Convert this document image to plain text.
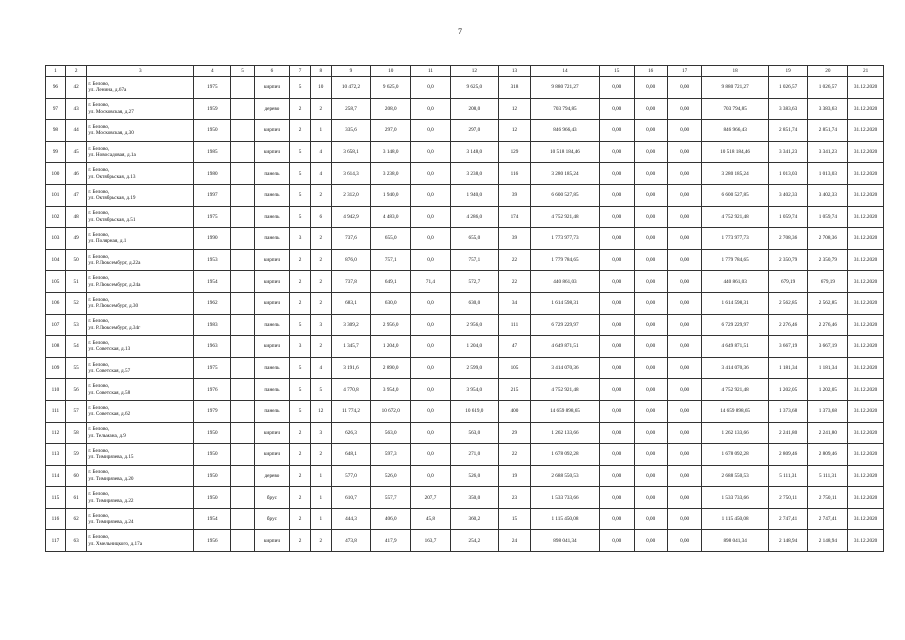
7
1	2	3	4	5	6	7	8	9	10	11	12	13	14	15	16	17	18	19	20	21
96	42	г. Белово,
ул. Ленина, д.67а	1975		кирпич	5	10	10 472,2	9 625,0	0,0	9 625,0	318	9 880 721,27	0,00	0,00	0,00	9 880 721,27	1 026,57	1 026,57	31.12.2020
97	43	г. Белово,
ул. Московская, д.27	1959		дерево	2	2	258,7	208,0	0,0	208,0	12	703 794,85	0,00	0,00	0,00	703 794,85	3 383,63	3 383,63	31.12.2020
98	44	г. Белово,
ул. Московская, д.30	1950		кирпич	2	1	335,6	297,0	0,0	297,0	12	846 966,43	0,00	0,00	0,00	846 966,43	2 851,74	2 851,74	31.12.2020
99	45	г. Белово,
ул. Новосадовая, д.1а	1985		кирпич	5	4	3 658,1	3 148,0	0,0	3 148,0	129	10 518 184,46	0,00	0,00	0,00	10 518 184,46	3 341,23	3 341,23	31.12.2020
100	46	г. Белово,
ул. Октябрьская, д.13	1980		панель	5	4	3 614,3	3 238,0	0,0	3 238,0	116	3 280 185,24	0,00	0,00	0,00	3 280 185,24	1 013,03	1 013,03	31.12.2020
101	47	г. Белово,
ул. Октябрьская, д.19	1997		панель	5	2	2 312,0	1 940,0	0,0	1 940,0	39	6 600 527,85	0,00	0,00	0,00	6 600 527,85	3 402,33	3 402,33	31.12.2020
102	48	г. Белово,
ул. Октябрьская, д.51	1975		панель	5	6	4 942,9	4 483,0	0,0	4 286,0	174	4 752 921,48	0,00	0,00	0,00	4 752 921,48	1 059,74	1 059,74	31.12.2020
103	49	г. Белово,
ул. Полярная, д.1	1990		панель	3	2	737,6	655,0	0,0	655,0	39	1 773 977,73	0,00	0,00	0,00	1 773 977,73	2 708,36	2 708,36	31.12.2020
104	50	г. Белово,
ул. Р.Люксембург, д.22а	1953		кирпич	2	2	876,0	757,1	0,0	757,1	22	1 779 784,65	0,00	0,00	0,00	1 779 784,65	2 350,79	2 350,79	31.12.2020
105	51	г. Белово,
ул. Р.Люксембург, д.24а	1954		кирпич	2	2	737,8	649,1	71,4	572,7	22	440 861,03	0,00	0,00	0,00	440 861,03	679,19	679,19	31.12.2020
106	52	г. Белово,
ул. Р.Люксембург, д.30	1962		кирпич	2	2	683,1	630,0	0,0	630,0	34	1 614 598,31	0,00	0,00	0,00	1 614 598,31	2 562,85	2 562,85	31.12.2020
107	53	г. Белово,
ул. Р.Люксембург, д.34г	1983		панель	5	3	3 309,2	2 956,0	0,0	2 956,0	111	6 729 229,97	0,00	0,00	0,00	6 729 229,97	2 276,46	2 276,46	31.12.2020
108	54	г. Белово,
ул. Советская, д.13	1963		кирпич	3	2	1 345,7	1 204,0	0,0	1 204,0	47	4 649 871,51	0,00	0,00	0,00	4 649 871,51	3 667,19	3 667,19	31.12.2020
109	55	г. Белово,
ул. Советская, д.57	1975		панель	5	4	3 191,6	2 890,0	0,0	2 599,0	105	3 414 070,36	0,00	0,00	0,00	3 414 070,36	1 181,34	1 181,34	31.12.2020
110	56	г. Белово,
ул. Советская, д.58	1976		панель	5	5	4 770,8	3 954,0	0,0	3 954,0	215	4 752 921,48	0,00	0,00	0,00	4 752 921,48	1 202,05	1 202,05	31.12.2020
111	57	г. Белово,
ул. Советская, д.62	1979		панель	5	12	11 774,2	10 672,0	0,0	10 619,0	400	14 659 898,65	0,00	0,00	0,00	14 659 898,65	1 373,68	1 373,68	31.12.2020
112	58	г. Белово,
ул. Тельмана, д.9	1950		кирпич	2	3	626,3	563,0	0,0	563,0	29	1 262 133,66	0,00	0,00	0,00	1 262 133,66	2 241,80	2 241,80	31.12.2020
113	59	г. Белово,
ул. Тимирязева, д.15	1950		кирпич	2	2	648,1	597,3	0,0	271,0	22	1 678 092,28	0,00	0,00	0,00	1 678 092,28	2 809,46	2 809,46	31.12.2020
114	60	г. Белово,
ул. Тимирязева, д.20	1950		дерево	2	1	577,0	526,0	0,0	526,0	19	2 688 550,53	0,00	0,00	0,00	2 688 550,53	5 111,31	5 111,31	31.12.2020
115	61	г. Белово,
ул. Тимирязева, д.22	1950		брус	2	1	610,7	557,7	207,7	350,0	23	1 533 733,66	0,00	0,00	0,00	1 533 733,66	2 750,11	2 750,11	31.12.2020
116	62	г. Белово,
ул. Тимирязева, д.24	1954		брус	2	1	444,3	406,0	45,8	360,2	15	1 115 450,08	0,00	0,00	0,00	1 115 450,08	2 747,41	2 747,41	31.12.2020
117	63	г. Белово,
ул. Хмельницкого, д.17а	1956		кирпич	2	2	473,8	417,9	163,7	254,2	24	898 041,34	0,00	0,00	0,00	898 041,34	2 148,94	2 148,94	31.12.2020
